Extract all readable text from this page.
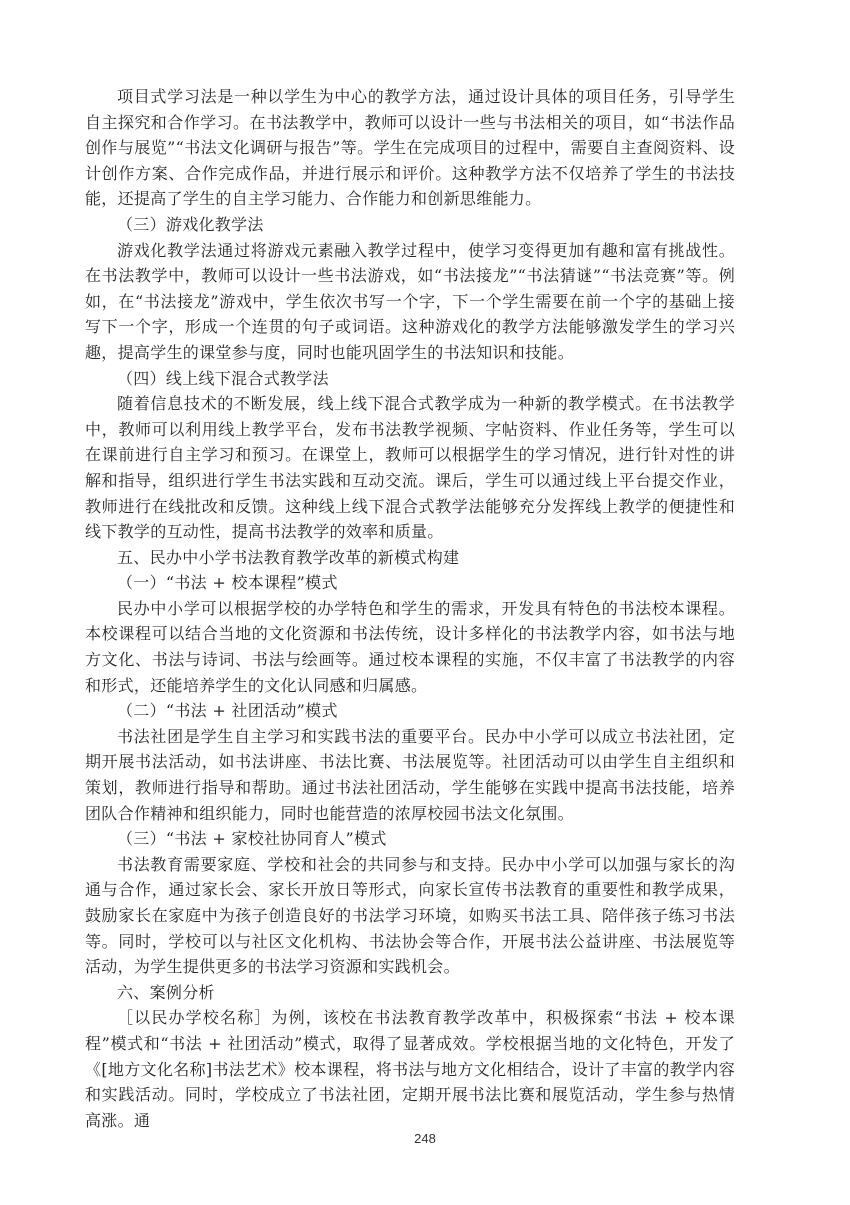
项目式学习法是一种以学生为中心的教学方法，通过设计具体的项目任务，引导学生自主探究和合作学习。在书法教学中，教师可以设计一些与书法相关的项目，如“书法作品创作与展览”“书法文化调研与报告”等。学生在完成项目的过程中，需要自主查阅资料、设计创作方案、合作完成作品，并进行展示和评价。这种教学方法不仅培养了学生的书法技能，还提高了学生的自主学习能力、合作能力和创新思维能力。

（三）游戏化教学法

游戏化教学法通过将游戏元素融入教学过程中，使学习变得更加有趣和富有挑战性。在书法教学中，教师可以设计一些书法游戏，如“书法接龙”“书法猜谜”“书法竞赛”等。例如，在“书法接龙”游戏中，学生依次书写一个字，下一个学生需要在前一个字的基础上接写下一个字，形成一个连贯的句子或词语。这种游戏化的教学方法能够激发学生的学习兴趣，提高学生的课堂参与度，同时也能巩固学生的书法知识和技能。

（四）线上线下混合式教学法

随着信息技术的不断发展，线上线下混合式教学成为一种新的教学模式。在书法教学中，教师可以利用线上教学平台，发布书法教学视频、字帖资料、作业任务等，学生可以在课前进行自主学习和预习。在课堂上，教师可以根据学生的学习情况，进行针对性的讲解和指导，组织进行学生书法实践和互动交流。课后，学生可以通过线上平台提交作业，教师进行在线批改和反馈。这种线上线下混合式教学法能够充分发挥线上教学的便捷性和线下教学的互动性，提高书法教学的效率和质量。

五、民办中小学书法教育教学改革的新模式构建

（一）“书法 + 校本课程”模式

民办中小学可以根据学校的办学特色和学生的需求，开发具有特色的书法校本课程。本校课程可以结合当地的文化资源和书法传统，设计多样化的书法教学内容，如书法与地方文化、书法与诗词、书法与绘画等。通过校本课程的实施，不仅丰富了书法教学的内容和形式，还能培养学生的文化认同感和归属感。

（二）“书法 + 社团活动”模式

书法社团是学生自主学习和实践书法的重要平台。民办中小学可以成立书法社团，定期开展书法活动，如书法讲座、书法比赛、书法展览等。社团活动可以由学生自主组织和策划，教师进行指导和帮助。通过书法社团活动，学生能够在实践中提高书法技能，培养团队合作精神和组织能力，同时也能营造的浓厚校园书法文化氛围。

（三）“书法 + 家校社协同育人”模式

书法教育需要家庭、学校和社会的共同参与和支持。民办中小学可以加强与家长的沟通与合作，通过家长会、家长开放日等形式，向家长宣传书法教育的重要性和教学成果，鼓励家长在家庭中为孩子创造良好的书法学习环境，如购买书法工具、陪伴孩子练习书法等。同时，学校可以与社区文化机构、书法协会等合作，开展书法公益讲座、书法展览等活动，为学生提供更多的书法学习资源和实践机会。

六、案例分析

［以民办学校名称］为例，该校在书法教育教学改革中，积极探索“书法 + 校本课程”模式和“书法 + 社团活动”模式，取得了显著成效。学校根据当地的文化特色，开发了《[地方文化名称]书法艺术》校本课程，将书法与地方文化相结合，设计了丰富的教学内容和实践活动。同时，学校成立了书法社团，定期开展书法比赛和展览活动，学生参与热情高涨。通

248
